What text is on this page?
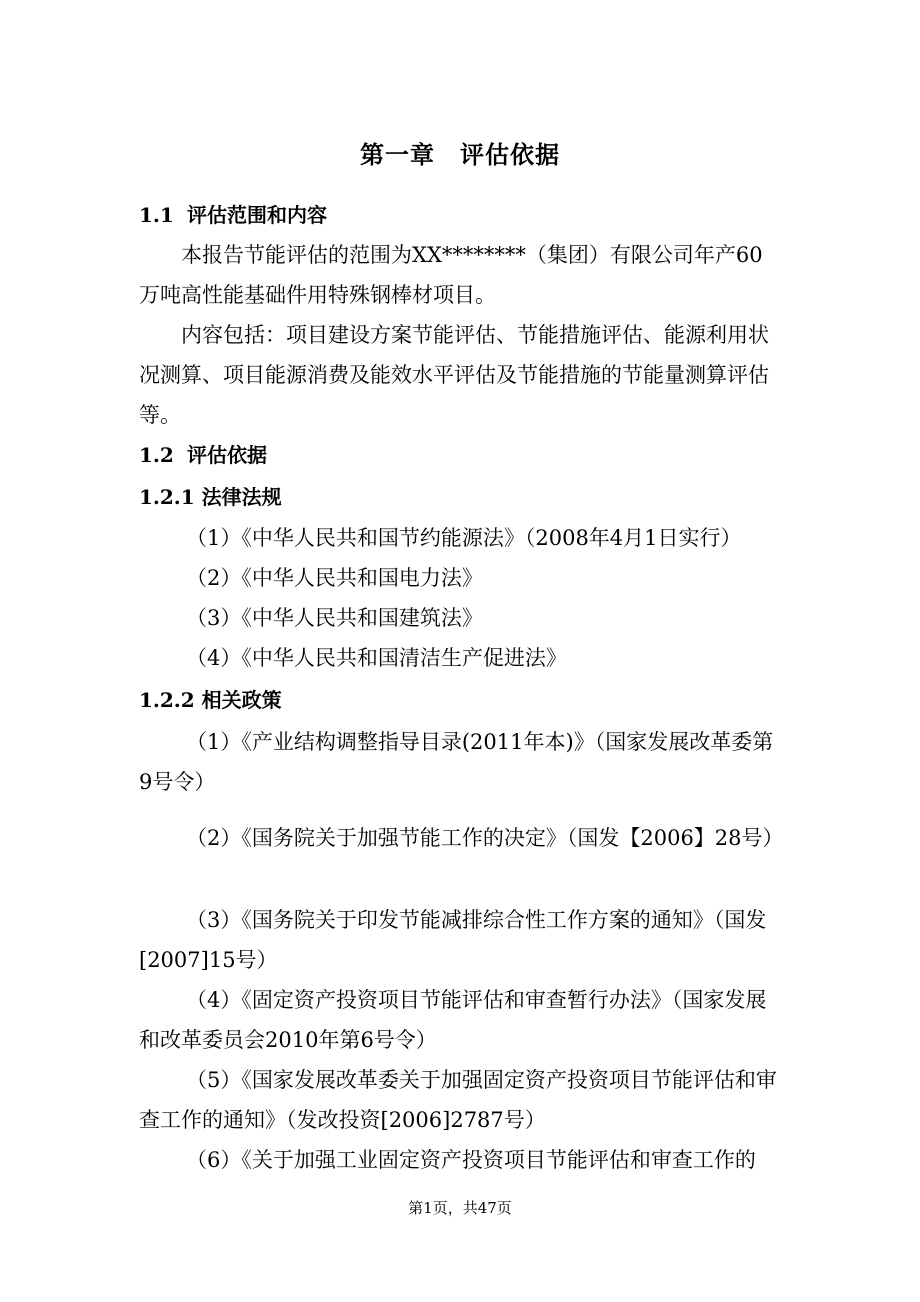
第一章　评估依据

1.1 评估范围和内容

本报告节能评估的范围为XX********（集团）有限公司年产60万吨高性能基础件用特殊钢棒材项目。

内容包括：项目建设方案节能评估、节能措施评估、能源利用状况测算、项目能源消费及能效水平评估及节能措施的节能量测算评估等。

1.2 评估依据

1.2.1 法律法规

（1）《中华人民共和国节约能源法》（2008年4月1日实行）

（2）《中华人民共和国电力法》

（3）《中华人民共和国建筑法》

（4）《中华人民共和国清洁生产促进法》

1.2.2 相关政策

（1）《产业结构调整指导目录(2011年本)》（国家发展改革委第9号令）

（2）《国务院关于加强节能工作的决定》（国发【2006】28号）

（3）《国务院关于印发节能减排综合性工作方案的通知》（国发[2007]15号）

（4）《固定资产投资项目节能评估和审查暂行办法》（国家发展和改革委员会2010年第6号令）

（5）《国家发展改革委关于加强固定资产投资项目节能评估和审查工作的通知》（发改投资[2006]2787号）

（6）《关于加强工业固定资产投资项目节能评估和审查工作的

第1页，共47页
